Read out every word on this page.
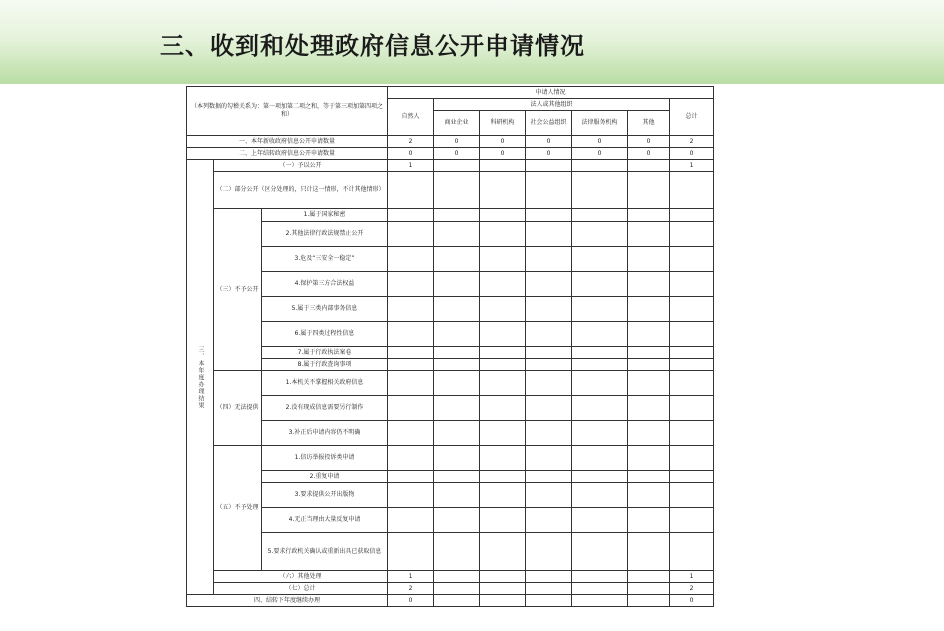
三、收到和处理政府信息公开申请情况
（本列数据的勾稽关系为：第一项加第二项之和，等于第三项加第四项之和）			申请人情况						
			自然人	法人或其他组织					总计
				商业企业	科研机构	社会公益组织	法律服务机构	其他	
一、本年新收政府信息公开申请数量			2	0	0	0	0	0	2
二、上年结转政府信息公开申请数量			0	0	0	0	0	0	0
三、本年度办理结果	（一）予以公开		1						1
	（二）部分公开（区分处理的，只计这一情形，不计其他情形）								
	（三）不予公开	1.属于国家秘密							
		2.其他法律行政法规禁止公开							
		3.危及“三安全一稳定”							
		4.保护第三方合法权益							
		5.属于三类内部事务信息							
		6.属于四类过程性信息							
		7.属于行政执法案卷							
		8.属于行政查询事项							
	（四）无法提供	1.本机关不掌握相关政府信息							
		2.没有现成信息需要另行制作							
		3.补正后申请内容仍不明确							
	（五）不予处理	1.信访举报投诉类申请							
		2.重复申请							
		3.要求提供公开出版物							
		4.无正当理由大量反复申请							
		5.要求行政机关确认或重新出具已获取信息							
	（六）其他处理		1						1
	（七）总计		2						2
四、结转下年度继续办理			0						0
